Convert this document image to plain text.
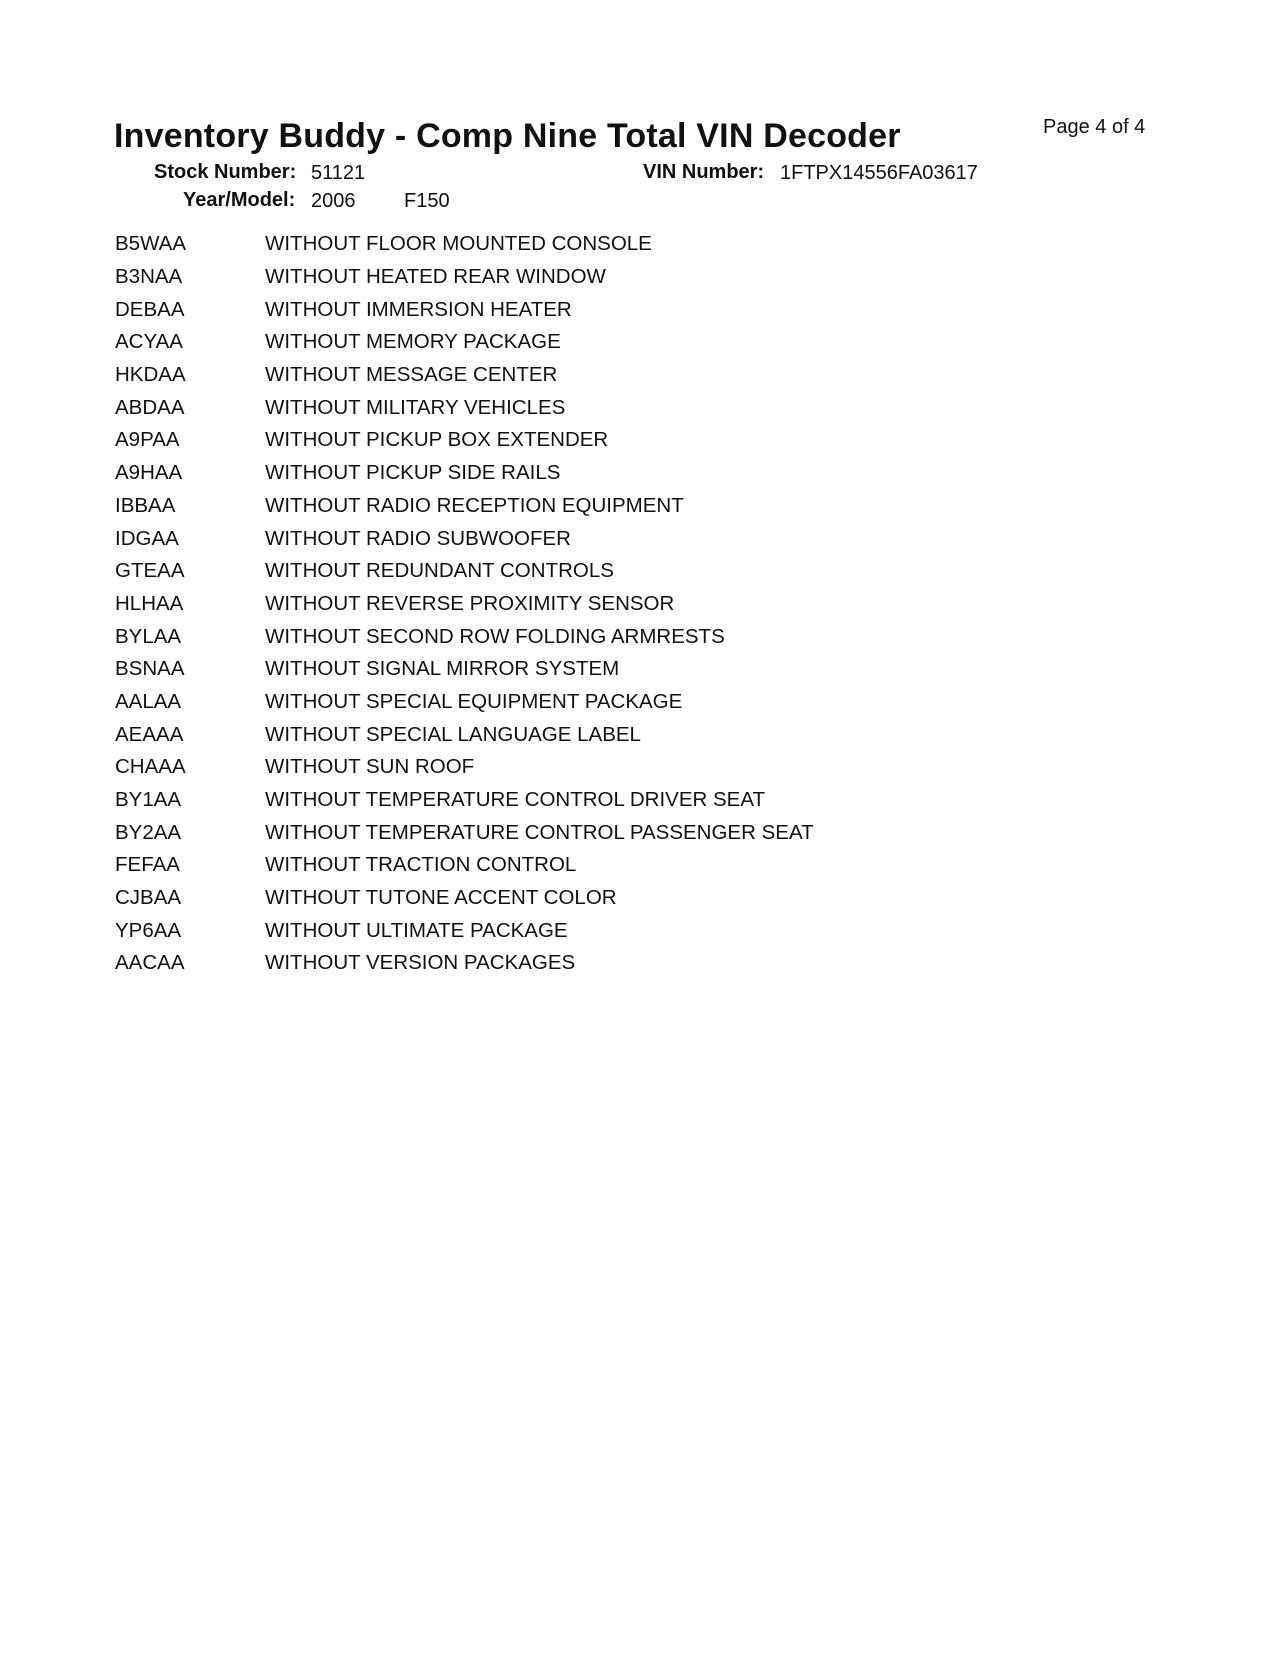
Inventory Buddy - Comp Nine Total VIN Decoder	Page 4 of 4
Stock Number: 51121	VIN Number: 1FTPX14556FA03617
Year/Model: 2006 F150
B5WAA	WITHOUT FLOOR MOUNTED CONSOLE
B3NAA	WITHOUT HEATED REAR WINDOW
DEBAA	WITHOUT IMMERSION HEATER
ACYAA	WITHOUT MEMORY PACKAGE
HKDAA	WITHOUT MESSAGE CENTER
ABDAA	WITHOUT MILITARY VEHICLES
A9PAA	WITHOUT PICKUP BOX EXTENDER
A9HAA	WITHOUT PICKUP SIDE RAILS
IBBAA	WITHOUT RADIO RECEPTION EQUIPMENT
IDGAA	WITHOUT RADIO SUBWOOFER
GTEAA	WITHOUT REDUNDANT CONTROLS
HLHAA	WITHOUT REVERSE PROXIMITY SENSOR
BYLAA	WITHOUT SECOND ROW FOLDING ARMRESTS
BSNAA	WITHOUT SIGNAL MIRROR SYSTEM
AALAA	WITHOUT SPECIAL EQUIPMENT PACKAGE
AEAAA	WITHOUT SPECIAL LANGUAGE LABEL
CHAAA	WITHOUT SUN ROOF
BY1AA	WITHOUT TEMPERATURE CONTROL DRIVER SEAT
BY2AA	WITHOUT TEMPERATURE CONTROL PASSENGER SEAT
FEFAA	WITHOUT TRACTION CONTROL
CJBAA	WITHOUT TUTONE ACCENT COLOR
YP6AA	WITHOUT ULTIMATE PACKAGE
AACAA	WITHOUT VERSION PACKAGES
